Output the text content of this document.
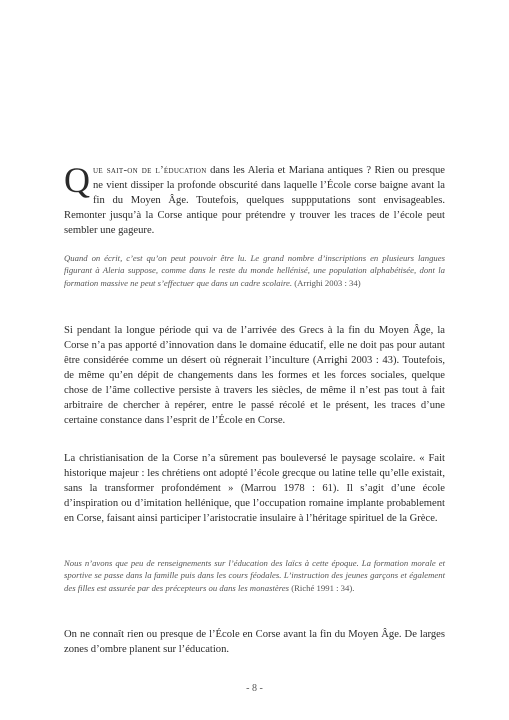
Que sait-on de l’éducation dans les Aleria et Mariana antiques ? Rien ou presque ne vient dissiper la profonde obscurité dans laquelle l’École corse baigne avant la fin du Moyen Âge. Toutefois, quelques suppputations sont envisageables. Remonter jusqu’à la Corse antique pour prétendre y trouver les traces de l’école peut sembler une gageure.

Quand on écrit, c’est qu’on peut pouvoir être lu. Le grand nombre d’inscriptions en plusieurs langues figurant à Aleria suppose, comme dans le reste du monde hellénisé, une population alphabétisée, dont la formation massive ne peut s’effectuer que dans un cadre scolaire. (Arrighi 2003 : 34)

Si pendant la longue période qui va de l’arrivée des Grecs à la fin du Moyen Âge, la Corse n’a pas apporté d’innovation dans le domaine éducatif, elle ne doit pas pour autant être considérée comme un désert où régnerait l’inculture (Arrighi 2003 : 43). Toutefois, de même qu’en dépit de changements dans les formes et les forces sociales, quelque chose de l’âme collective persiste à travers les siècles, de même il n’est pas tout à fait arbitraire de chercher à repérer, entre le passé récolé et le présent, les traces d’une certaine constance dans l’esprit de l’École en Corse.

La christianisation de la Corse n’a sûrement pas bouleversé le paysage scolaire. « Fait historique majeur : les chrétiens ont adopté l’école grecque ou latine telle qu’elle existait, sans la transformer profondément » (Marrou 1978 : 61). Il s’agit d’une école d’inspiration ou d’imitation hellénique, que l’occupation romaine implante probablement en Corse, faisant ainsi participer l’aristocratie insulaire à l’héritage spirituel de la Grèce.

Nous n’avons que peu de renseignements sur l’éducation des laïcs à cette époque. La formation morale et sportive se passe dans la famille puis dans les cours féodales. L’instruction des jeunes garçons et également des filles est assurée par des précepteurs ou dans les monastères (Riché 1991 : 34).

On ne connaît rien ou presque de l’École en Corse avant la fin du Moyen Âge. De larges zones d’ombre planent sur l’éducation.

- 8 -
